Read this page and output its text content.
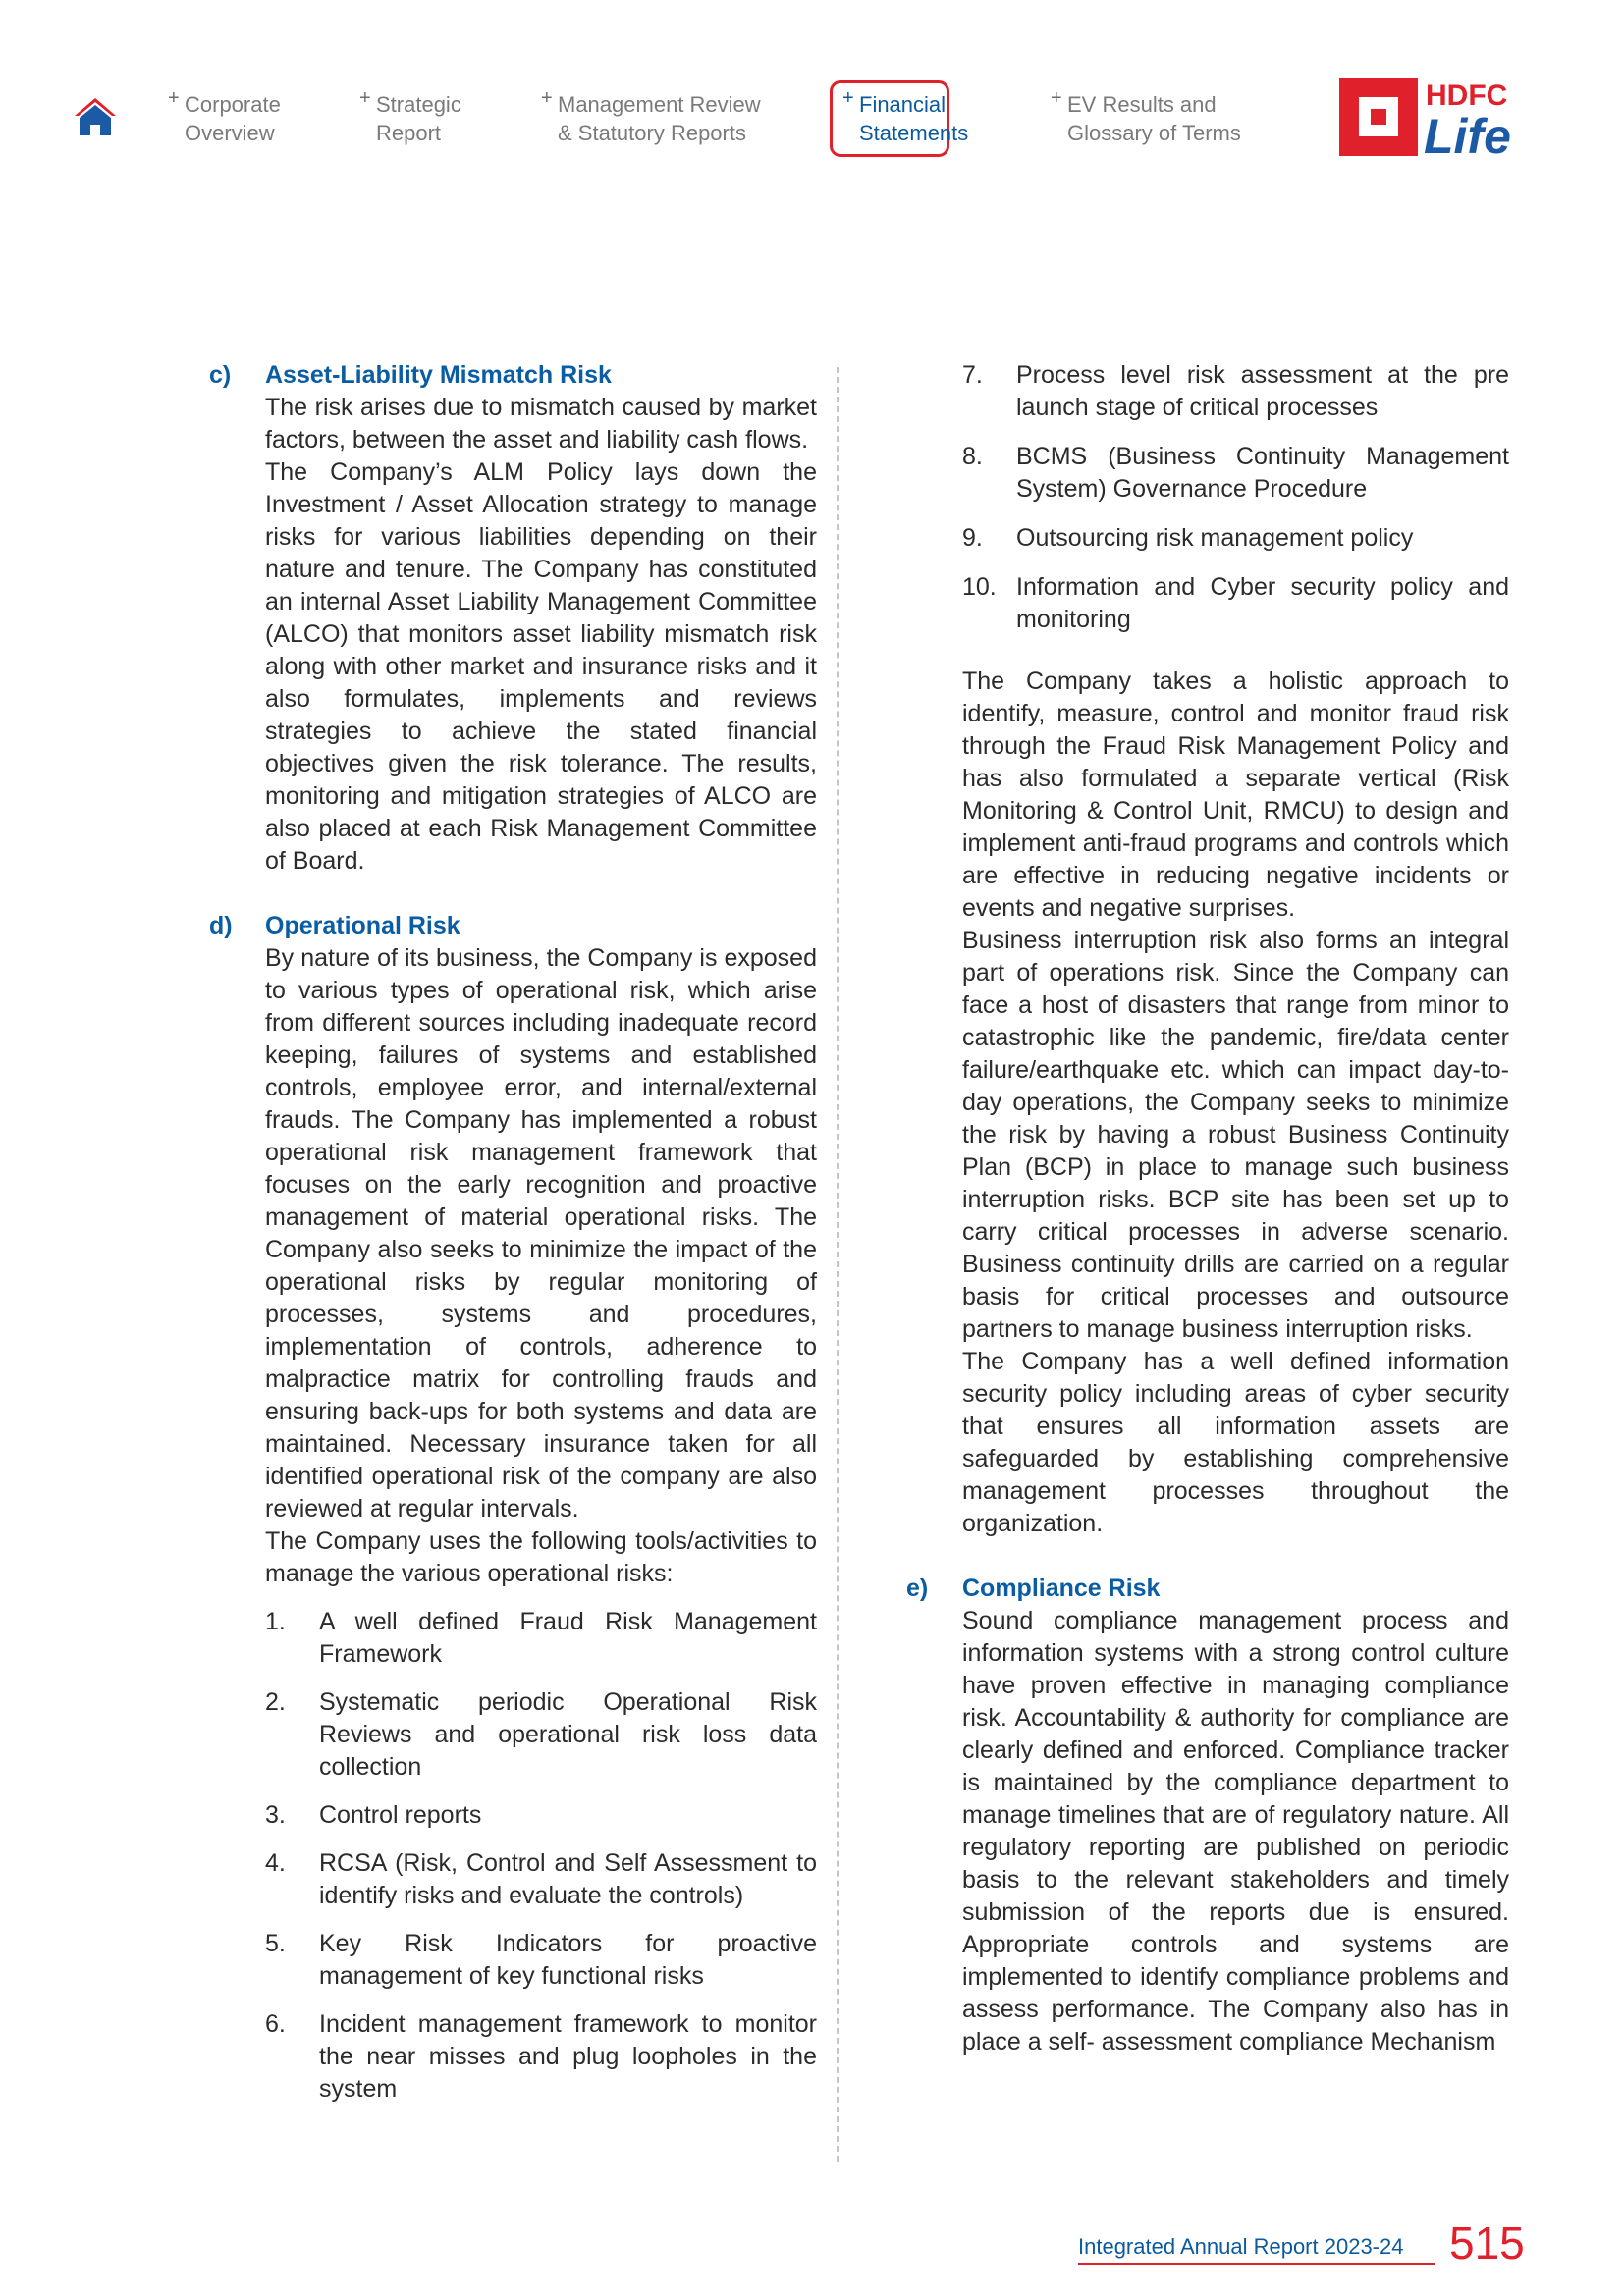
+ Corporate
Overview
+ Strategic
Report
+ Management Review
& Statutory Reports
+ Financial
Statements
+ EV Results and
Glossary of Terms
HDFC
Life
c) Asset-Liability Mismatch Risk

The risk arises due to mismatch caused by market factors, between the asset and liability cash flows.

The Company’s ALM Policy lays down the Investment / Asset Allocation strategy to manage risks for various liabilities depending on their nature and tenure. The Company has constituted an internal Asset Liability Management Committee (ALCO) that monitors asset liability mismatch risk along with other market and insurance risks and it also formulates, implements and reviews strategies to achieve the stated financial objectives given the risk tolerance. The results, monitoring and mitigation strategies of ALCO are also placed at each Risk Management Committee of Board.

d) Operational Risk

By nature of its business, the Company is exposed to various types of operational risk, which arise from different sources including inadequate record keeping, failures of systems and established controls, employee error, and internal/external frauds. The Company has implemented a robust operational risk management framework that focuses on the early recognition and proactive management of material operational risks. The Company also seeks to minimize the impact of the operational risks by regular monitoring of processes, systems and procedures, implementation of controls, adherence to malpractice matrix for controlling frauds and ensuring back-ups for both systems and data are maintained. Necessary insurance taken for all identified operational risk of the company are also reviewed at regular intervals.

The Company uses the following tools/activities to manage the various operational risks:

1. A well defined Fraud Risk Management Framework
2. Systematic periodic Operational Risk Reviews and operational risk loss data collection
3. Control reports
4. RCSA (Risk, Control and Self Assessment to identify risks and evaluate the controls)
5. Key Risk Indicators for proactive management of key functional risks
6. Incident management framework to monitor the near misses and plug loopholes in the system
7. Process level risk assessment at the pre launch stage of critical processes
8. BCMS (Business Continuity Management System) Governance Procedure
9. Outsourcing risk management policy
10. Information and Cyber security policy and monitoring

The Company takes a holistic approach to identify, measure, control and monitor fraud risk through the Fraud Risk Management Policy and has also formulated a separate vertical (Risk Monitoring & Control Unit, RMCU) to design and implement anti-fraud programs and controls which are effective in reducing negative incidents or events and negative surprises.

Business interruption risk also forms an integral part of operations risk. Since the Company can face a host of disasters that range from minor to catastrophic like the pandemic, fire/data center failure/earthquake etc. which can impact day-to-day operations, the Company seeks to minimize the risk by having a robust Business Continuity Plan (BCP) in place to manage such business interruption risks. BCP site has been set up to carry critical processes in adverse scenario. Business continuity drills are carried on a regular basis for critical processes and outsource partners to manage business interruption risks.

The Company has a well defined information security policy including areas of cyber security that ensures all information assets are safeguarded by establishing comprehensive management processes throughout the organization.

e) Compliance Risk

Sound compliance management process and information systems with a strong control culture have proven effective in managing compliance risk. Accountability & authority for compliance are clearly defined and enforced. Compliance tracker is maintained by the compliance department to manage timelines that are of regulatory nature. All regulatory reporting are published on periodic basis to the relevant stakeholders and timely submission of the reports due is ensured. Appropriate controls and systems are implemented to identify compliance problems and assess performance. The Company also has in place a self- assessment compliance Mechanism

Integrated Annual Report 2023-24 515
